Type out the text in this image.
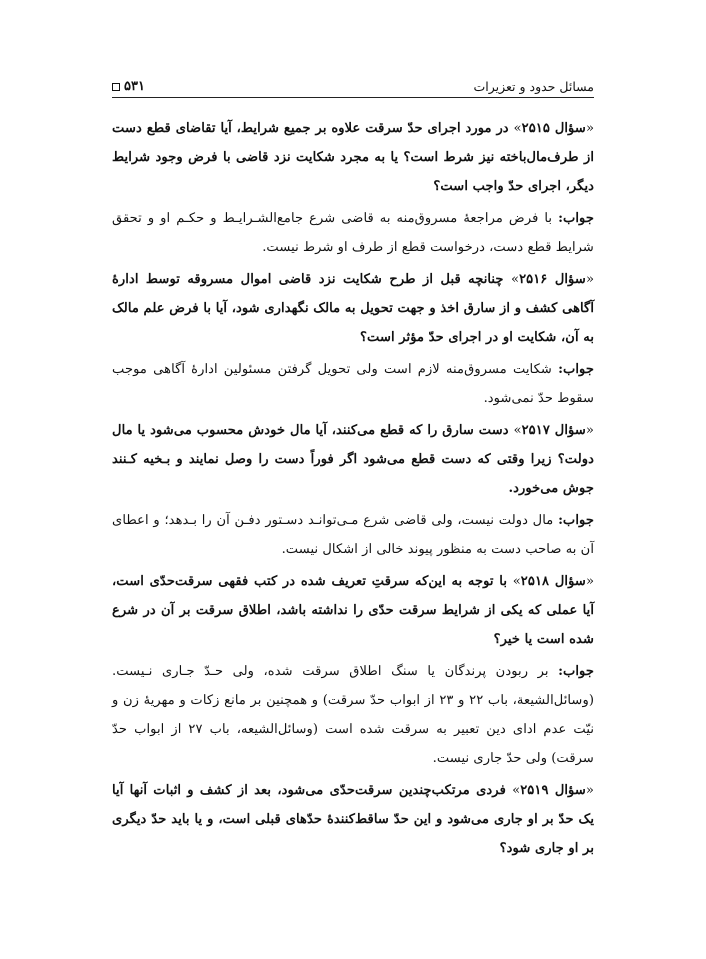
مسائل حدود و تعزیرات
۵۳۱

«سؤال ۲۵۱۵» در مورد اجرای حدّ سرقت علاوه بر جمیع شرایط، آیا تقاضای قطع دست از طرف‌مال‌باخته نیز شرط است؟ یا به مجرد شکایت نزد قاضی با فرض وجود شرایط دیگر، اجرای حدّ واجب است؟

جواب: با فرض مراجعهٔ مسروق‌منه به قاضی شرع جامع‌الشـرایـط و حکـم او و تحقق شرایط قطع دست، درخواست قطع از طرف او شرط نیست.

«سؤال ۲۵۱۶» چنانچه قبل از طرح شکایت نزد قاضی اموال مسروقه توسط ادارهٔ آگاهی کشف و از سارق اخذ و جهت تحویل به مالک نگهداری شود، آیا با فرض علم مالک به آن، شکایت او در اجرای حدّ مؤثر است؟

جواب: شکایت مسروق‌منه لازم است ولی تحویل گرفتن مسئولین ادارهٔ آگاهی موجب سقوط حدّ نمی‌شود.

«سؤال ۲۵۱۷» دست سارق را که قطع می‌کنند، آیا مال خودش محسوب می‌شود یا مال دولت؟ زیرا وقتی که دست قطع می‌شود اگر فوراً دست را وصل نمایند و بـخیه کـنند جوش می‌خورد.

جواب: مال دولت نیست، ولی قاضی شرع مـی‌توانـد دسـتور دفـن آن را بـدهد؛ و اعطای آن به صاحب دست به منظور پیوند خالی از اشکال نیست.

«سؤال ۲۵۱۸» با توجه به این‌که سرقتِ تعریف شده در کتب فقهی سرقت‌حدّی است، آیا عملی که یکی از شرایط سرقت حدّی را نداشته باشد، اطلاق سرقت بر آن در شرع شده است یا خیر؟

جواب: بر ربودن پرندگان یا سنگ اطلاق سرقت شده، ولی حـدّ جـاری نـیست. (وسائل‌الشیعة، باب ۲۲ و ۲۳ از ابواب حدّ سرقت) و همچنین بر مانع زکات و مهریهٔ زن و نیّت عدم ادای دین تعبیر به سرقت شده است (وسائل‌الشیعه، باب ۲۷ از ابواب حدّ سرقت) ولی حدّ جاری نیست.

«سؤال ۲۵۱۹» فردی مرتکب‌چندین سرقت‌حدّی می‌شود، بعد از کشف و اثبات آنها آیا یک حدّ بر او جاری می‌شود و این حدّ ساقط‌کنندهٔ حدّهای قبلی است، و یا باید حدّ دیگری بر او جاری شود؟
